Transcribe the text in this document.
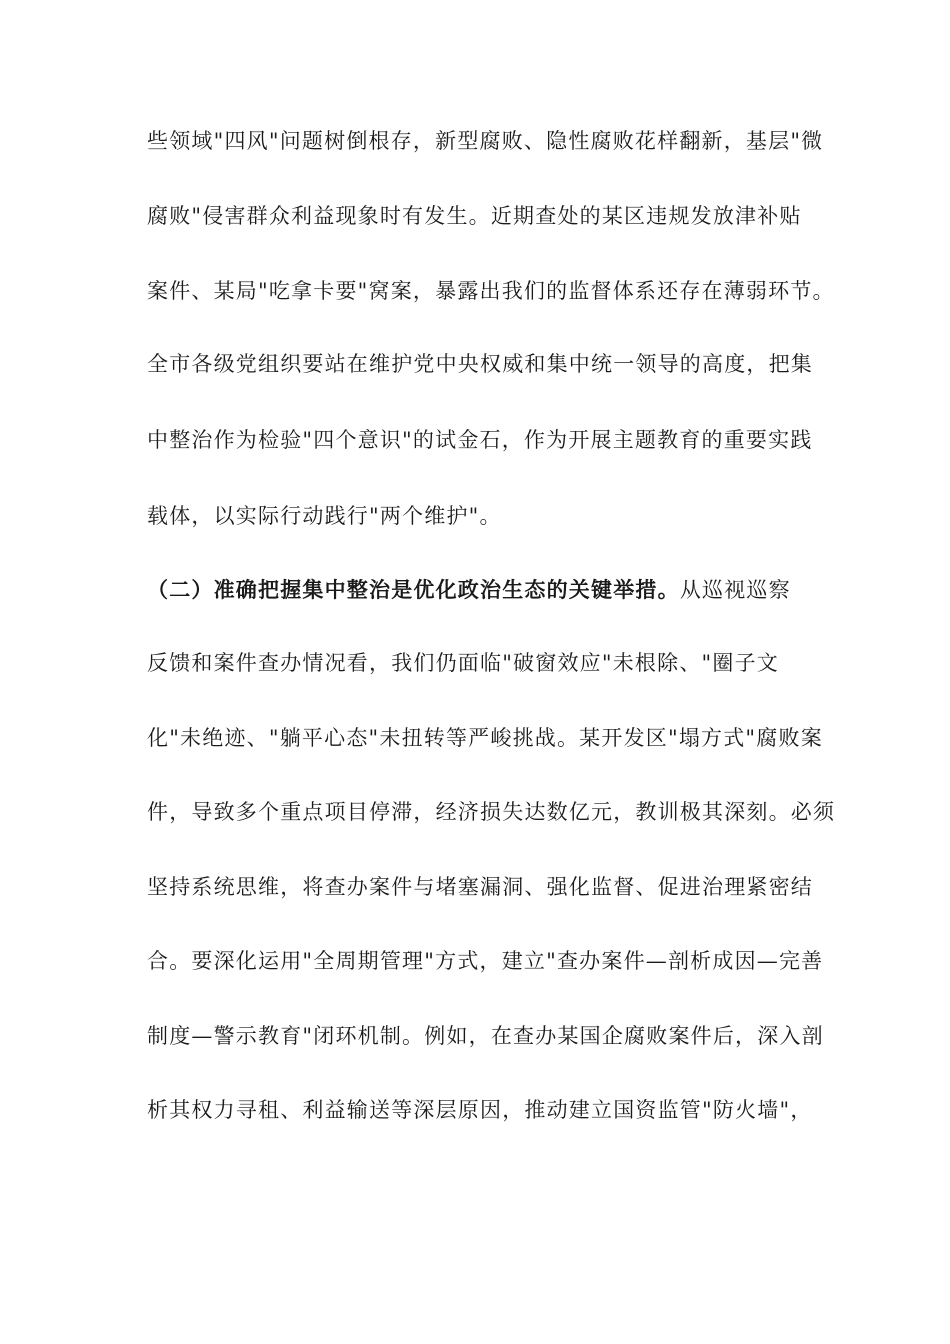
些领域"四风"问题树倒根存，新型腐败、隐性腐败花样翻新，基层"微
腐败"侵害群众利益现象时有发生。近期查处的某区违规发放津补贴
案件、某局"吃拿卡要"窝案，暴露出我们的监督体系还存在薄弱环节。
全市各级党组织要站在维护党中央权威和集中统一领导的高度，把集
中整治作为检验"四个意识"的试金石，作为开展主题教育的重要实践
载体，以实际行动践行"两个维护"。
（二）准确把握集中整治是优化政治生态的关键举措。从巡视巡察
反馈和案件查办情况看，我们仍面临"破窗效应"未根除、"圈子文
化"未绝迹、"躺平心态"未扭转等严峻挑战。某开发区"塌方式"腐败案
件，导致多个重点项目停滞，经济损失达数亿元，教训极其深刻。必须
坚持系统思维，将查办案件与堵塞漏洞、强化监督、促进治理紧密结
合。要深化运用"全周期管理"方式，建立"查办案件—剖析成因—完善
制度—警示教育"闭环机制。例如，在查办某国企腐败案件后，深入剖
析其权力寻租、利益输送等深层原因，推动建立国资监管"防火墙"，
